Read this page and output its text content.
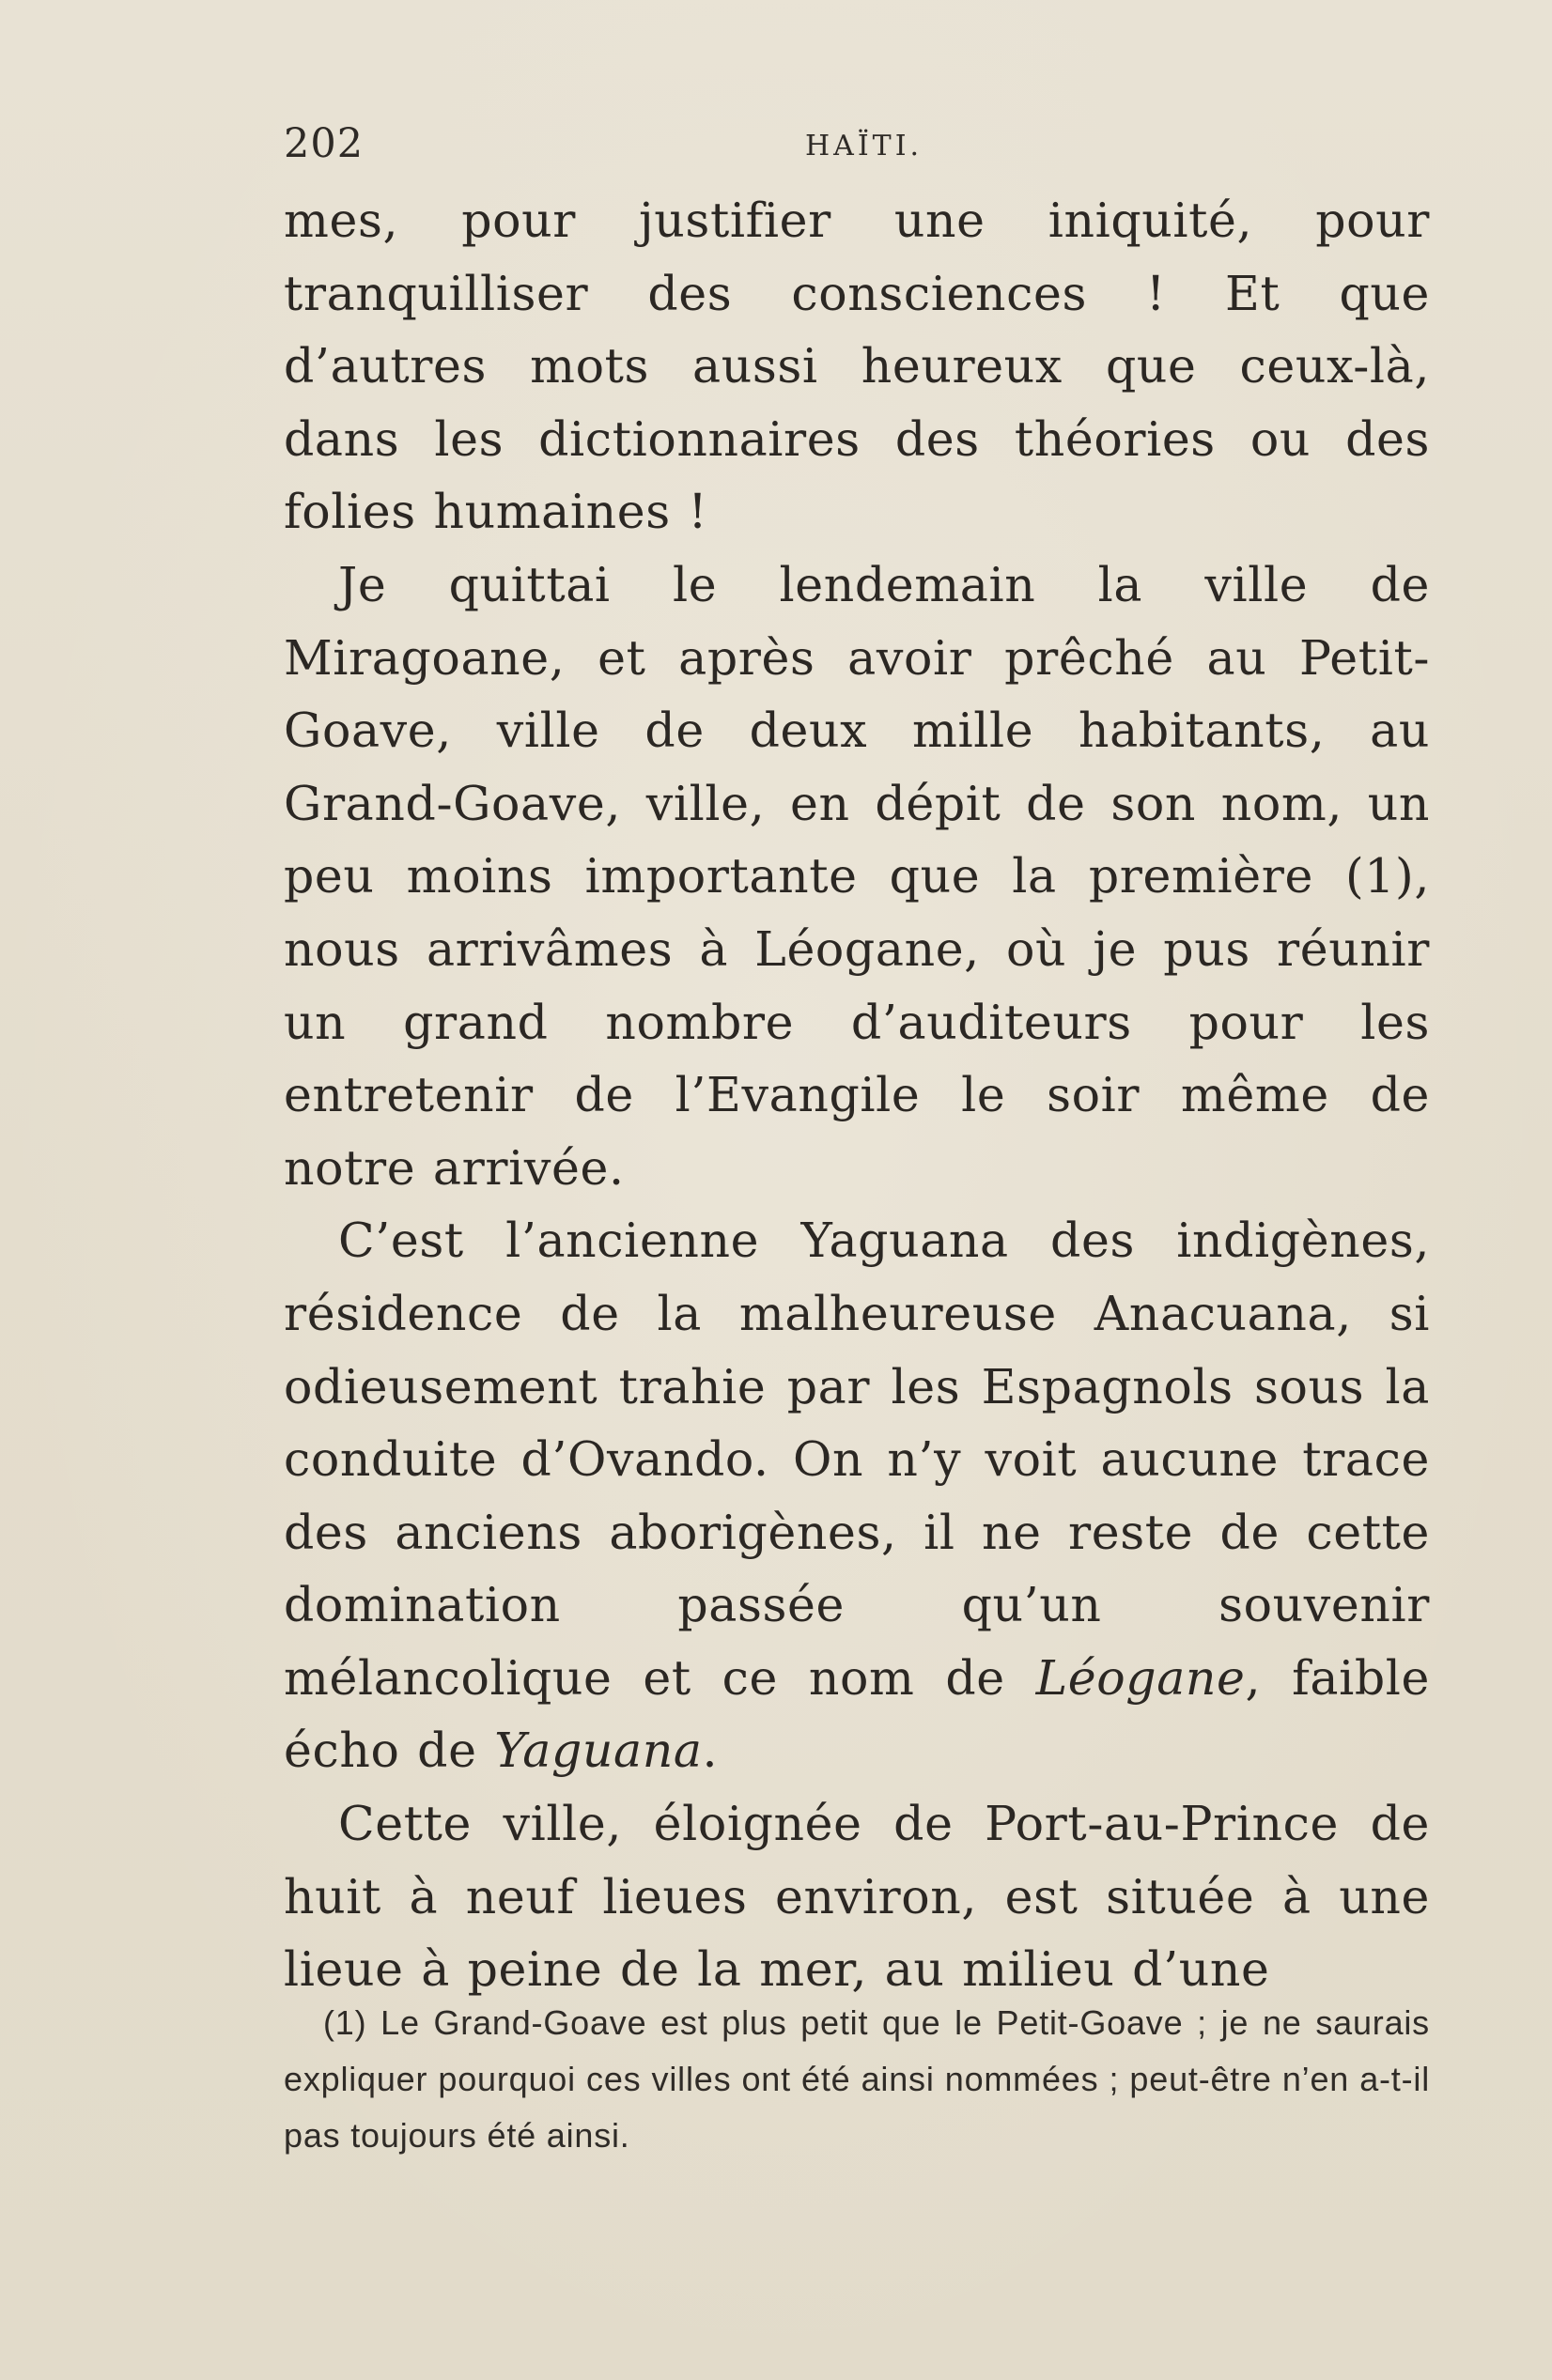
202	HAÏTI.

mes, pour justifier une iniquité, pour tranquilliser des consciences ! Et que d’autres mots aussi heureux que ceux-là, dans les dictionnaires des théories ou des folies humaines !

Je quittai le lendemain la ville de Miragoane, et après avoir prêché au Petit-Goave, ville de deux mille habitants, au Grand-Goave, ville, en dépit de son nom, un peu moins importante que la première (1), nous arrivâmes à Léogane, où je pus réunir un grand nombre d’auditeurs pour les entretenir de l’Evangile le soir même de notre arrivée.

C’est l’ancienne Yaguana des indigènes, résidence de la malheureuse Anacuana, si odieusement trahie par les Espagnols sous la conduite d’Ovando. On n’y voit aucune trace des anciens aborigènes, il ne reste de cette domination passée qu’un souvenir mélancolique et ce nom de Léogane, faible écho de Yaguana.

Cette ville, éloignée de Port-au-Prince de huit à neuf lieues environ, est située à une lieue à peine de la mer, au milieu d’une

(1) Le Grand-Goave est plus petit que le Petit-Goave ; je ne saurais expliquer pourquoi ces villes ont été ainsi nommées ; peut-être n’en a-t-il pas toujours été ainsi.
